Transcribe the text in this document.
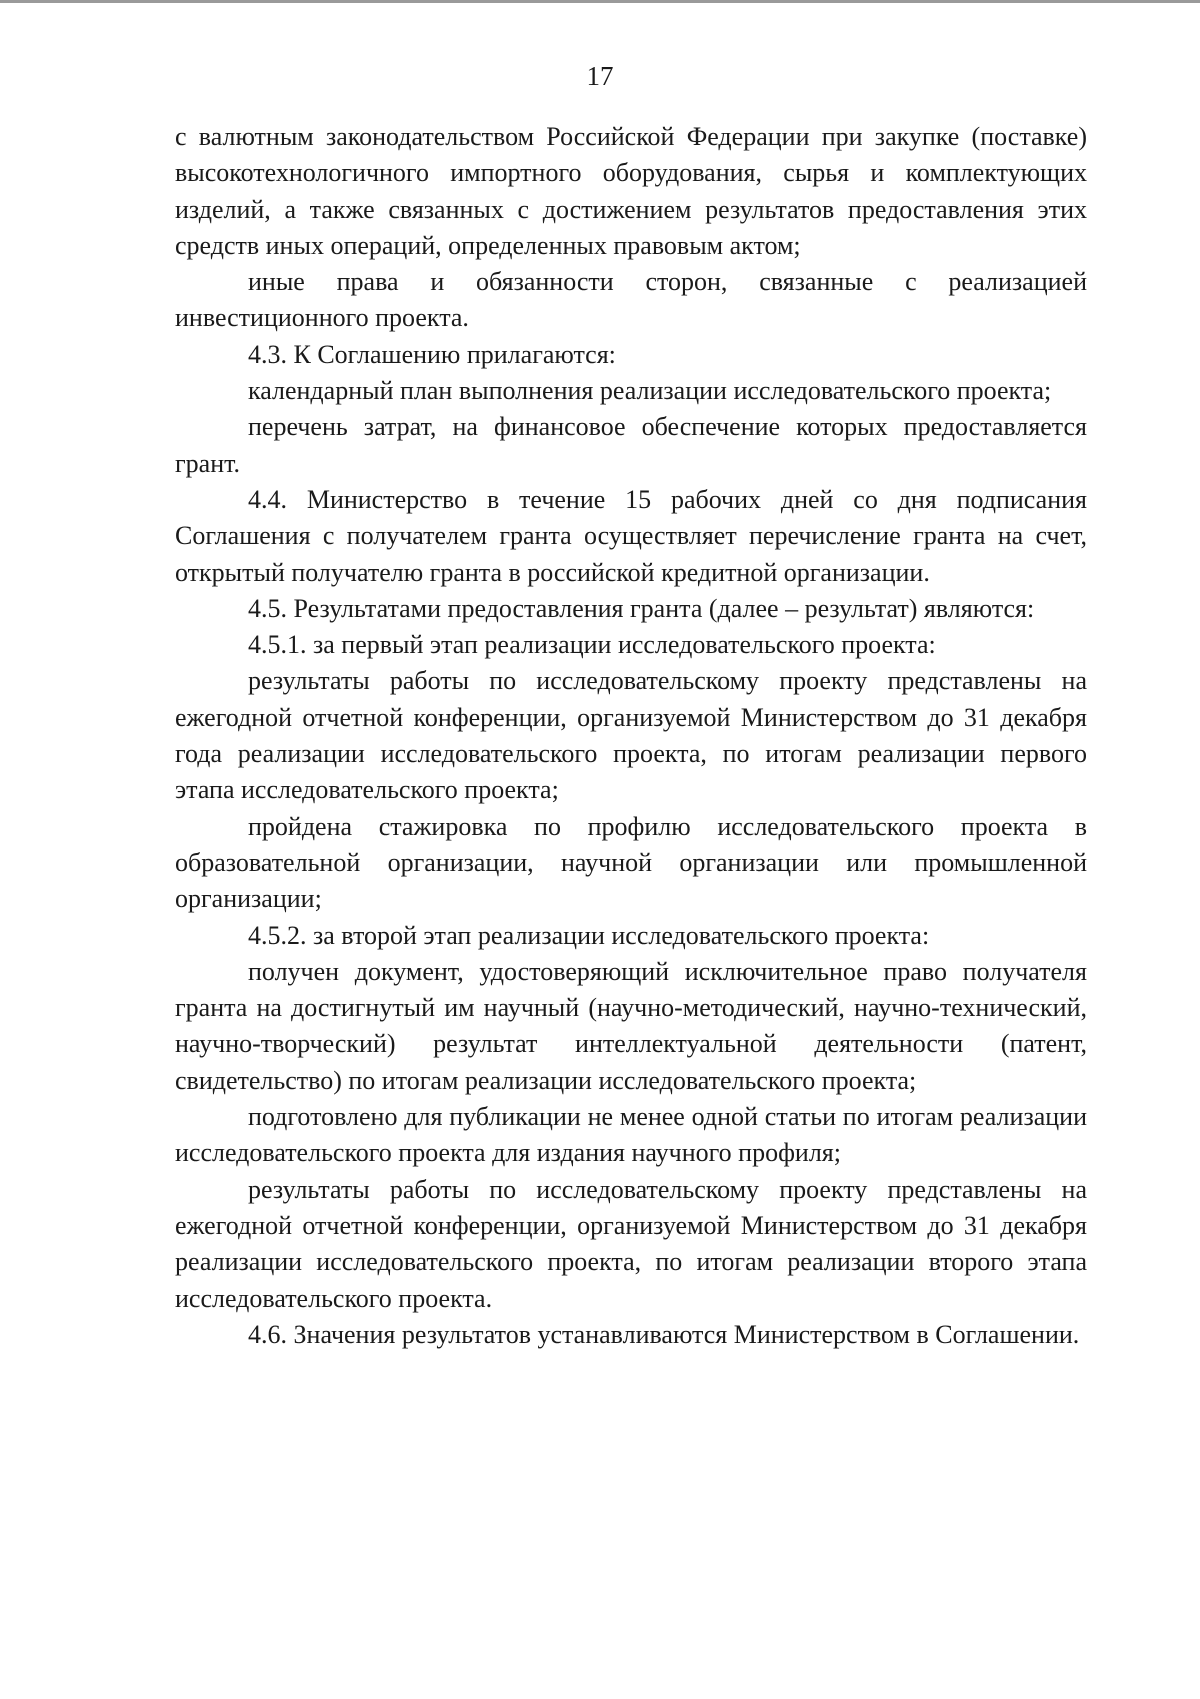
17

с валютным законодательством Российской Федерации при закупке (поставке) высокотехнологичного импортного оборудования, сырья и комплектующих изделий, а также связанных с достижением результатов предоставления этих средств иных операций, определенных правовым актом;

иные права и обязанности сторон, связанные с реализацией инвестиционного проекта.

4.3. К Соглашению прилагаются:

календарный план выполнения реализации исследовательского проекта;

перечень затрат, на финансовое обеспечение которых предоставляется грант.

4.4. Министерство в течение 15 рабочих дней со дня подписания Соглашения с получателем гранта осуществляет перечисление гранта на счет, открытый получателю гранта в российской кредитной организации.

4.5. Результатами предоставления гранта (далее – результат) являются:

4.5.1. за первый этап реализации исследовательского проекта:

результаты работы по исследовательскому проекту представлены на ежегодной отчетной конференции, организуемой Министерством до 31 декабря года реализации исследовательского проекта, по итогам реализации первого этапа исследовательского проекта;

пройдена стажировка по профилю исследовательского проекта в образовательной организации, научной организации или промышленной организации;

4.5.2. за второй этап реализации исследовательского проекта:

получен документ, удостоверяющий исключительное право получателя гранта на достигнутый им научный (научно-методический, научно-технический, научно-творческий) результат интеллектуальной деятельности (патент, свидетельство) по итогам реализации исследовательского проекта;

подготовлено для публикации не менее одной статьи по итогам реализации исследовательского проекта для издания научного профиля;

результаты работы по исследовательскому проекту представлены на ежегодной отчетной конференции, организуемой Министерством до 31 декабря реализации исследовательского проекта, по итогам реализации второго этапа исследовательского проекта.

4.6. Значения результатов устанавливаются Министерством в Соглашении.
